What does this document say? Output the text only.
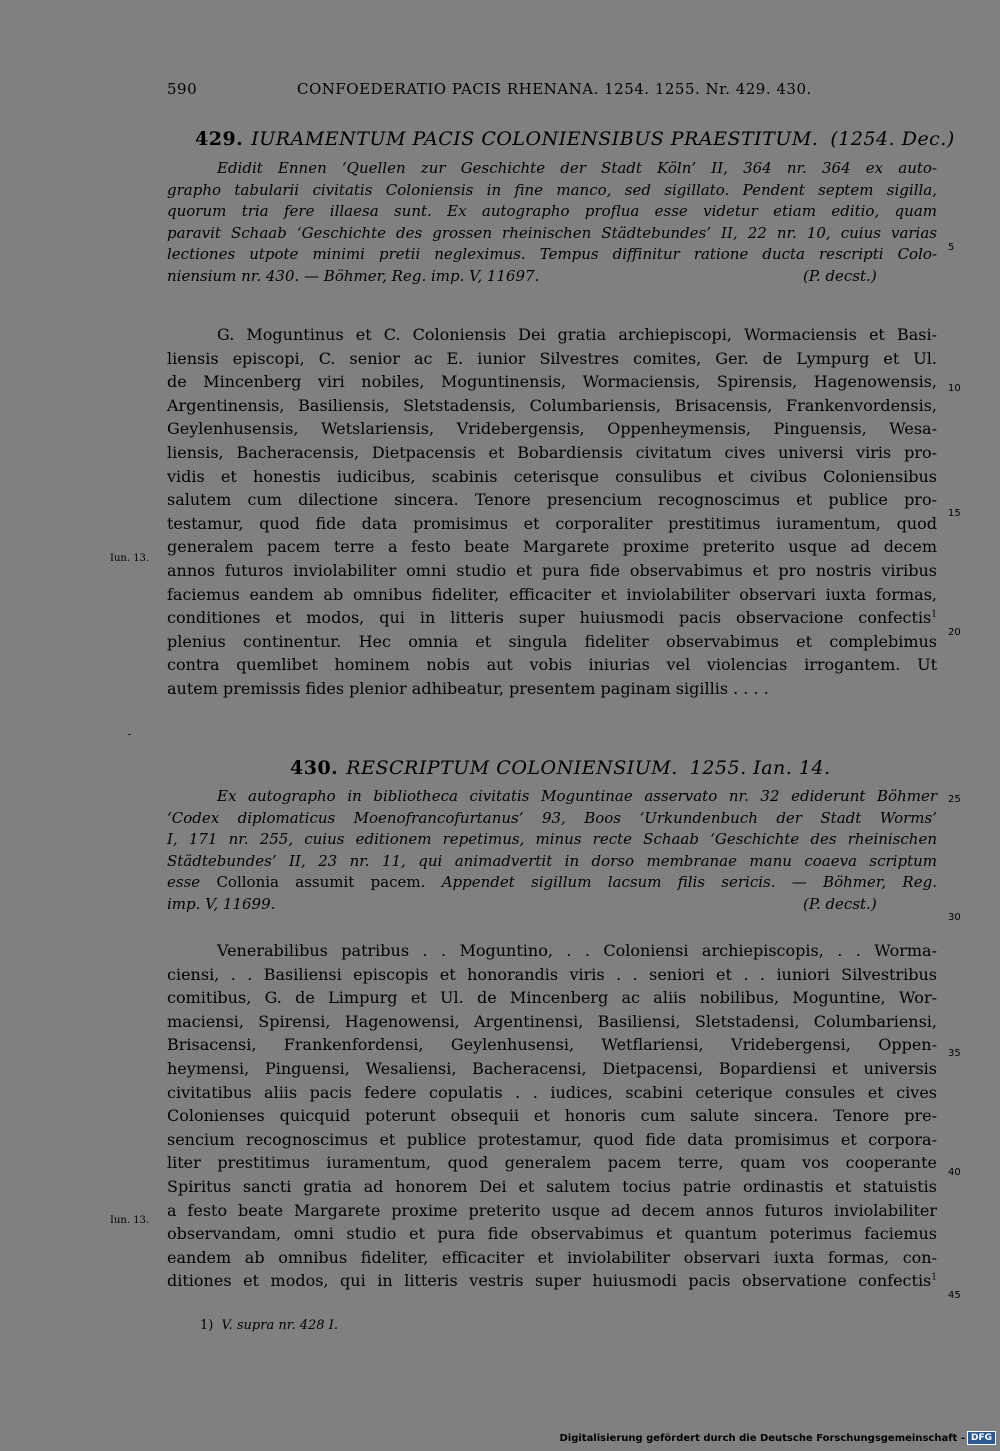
590	CONFOEDERATIO PACIS RHENANA. 1254. 1255. Nr. 429. 430.
429. IURAMENTUM PACIS COLONIENSIBUS PRAESTITUM. (1254. Dec.)
Edidit Ennen ‘Quellen zur Geschichte der Stadt Köln’ II, 364 nr. 364 ex auto-
grapho tabularii civitatis Coloniensis in fine manco, sed sigillato. Pendent septem sigilla,
quorum tria fere illaesa sunt. Ex autographo proflua esse videtur etiam editio, quam
paravit Schaab ‘Geschichte des grossen rheinischen Städtebundes’ II, 22 nr. 10, cuius varias
lectiones utpote minimi pretii negleximus. Tempus diffinitur ratione ducta rescripti Colo-
niensium nr. 430. — Böhmer, Reg. imp. V, 11697.	(P. decst.)
G. Moguntinus et C. Coloniensis Dei gratia archiepiscopi, Wormaciensis et Basi-
liensis episcopi, C. senior ac E. iunior Silvestres comites, Ger. de Lympurg et Ul.
de Mincenberg viri nobiles, Moguntinensis, Wormaciensis, Spirensis, Hagenowensis,
Argentinensis, Basiliensis, Sletstadensis, Columbariensis, Brisacensis, Frankenvordensis,
Geylenhusensis, Wetslariensis, Vridebergensis, Oppenheymensis, Pinguensis, Wesa-
liensis, Bacheracensis, Dietpacensis et Bobardiensis civitatum cives universi viris pro-
vidis et honestis iudicibus, scabinis ceterisque consulibus et civibus Coloniensibus
salutem cum dilectione sincera. Tenore presencium recognoscimus et publice pro-
testamur, quod fide data promisimus et corporaliter prestitimus iuramentum, quod
generalem pacem terre a festo beate Margarete proxime preterito usque ad decem
annos futuros inviolabiliter omni studio et pura fide observabimus et pro nostris viribus
faciemus eandem ab omnibus fideliter, efficaciter et inviolabiliter observari iuxta formas,
conditiones et modos, qui in litteris super huiusmodi pacis observacione confectis$^1$
plenius continentur. Hec omnia et singula fideliter observabimus et complebimus
contra quemlibet hominem nobis aut vobis iniurias vel violencias irrogantem. Ut
autem premissis fides plenior adhibeatur, presentem paginam sigillis . . . .
Iun. 13.
5
10
15
20
430. RESCRIPTUM COLONIENSIUM. 1255. Ian. 14.
Ex autographo in bibliotheca civitatis Moguntinae asservato nr. 32 ediderunt Böhmer
‘Codex diplomaticus Moenofrancofurtanus’ 93, Boos ‘Urkundenbuch der Stadt Worms’
I, 171 nr. 255, cuius editionem repetimus, minus recte Schaab ‘Geschichte des rheinischen
Städtebundes’ II, 23 nr. 11, qui animadvertit in dorso membranae manu coaeva scriptum
esse Collonia assumit pacem. Appendet sigillum lacsum filis sericis. — Böhmer, Reg.
imp. V, 11699.	(P. decst.)
Venerabilibus patribus . . Moguntino, . . Coloniensi archiepiscopis, . . Worma-
ciensi, . . Basiliensi episcopis et honorandis viris . . seniori et . . iuniori Silvestribus
comitibus, G. de Limpurg et Ul. de Mincenberg ac aliis nobilibus, Moguntine, Wor-
maciensi, Spirensi, Hagenowensi, Argentinensi, Basiliensi, Sletstadensi, Columbariensi,
Brisacensi, Frankenfordensi, Geylenhusensi, Wetflariensi, Vridebergensi, Oppen-
heymensi, Pinguensi, Wesaliensi, Bacheracensi, Dietpacensi, Bopardiensi et universis
civitatibus aliis pacis federe copulatis . . iudices, scabini ceterique consules et cives
Colonienses quicquid poterunt obsequii et honoris cum salute sincera. Tenore pre-
sencium recognoscimus et publice protestamur, quod fide data promisimus et corpora-
liter prestitimus iuramentum, quod generalem pacem terre, quam vos cooperante
Spiritus sancti gratia ad honorem Dei et salutem tocius patrie ordinastis et statuistis
a festo beate Margarete proxime preterito usque ad decem annos futuros inviolabiliter
observandam, omni studio et pura fide observabimus et quantum poterimus faciemus
eandem ab omnibus fideliter, efficaciter et inviolabiliter observari iuxta formas, con-
ditiones et modos, qui in litteris vestris super huiusmodi pacis observatione confectis$^1$
Iun. 13.
25
30
35
40
45
1) V. supra nr. 428 I.
Digitalisierung gefördert durch die Deutsche Forschungsgemeinschaft - DFG
